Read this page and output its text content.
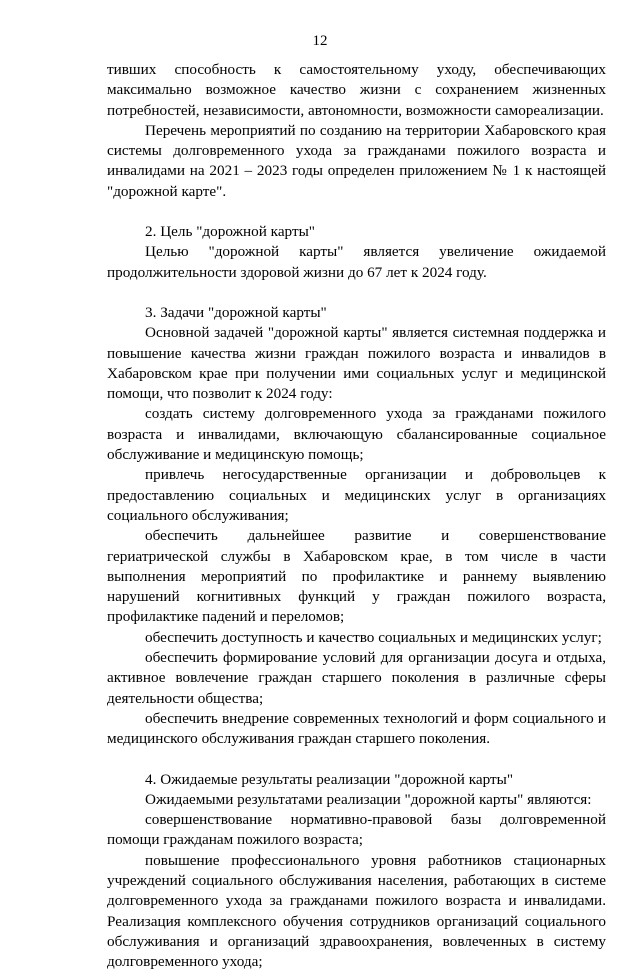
12

тивших способность к самостоятельному уходу, обеспечивающих максимально возможное качество жизни с сохранением жизненных потребностей, независимости, автономности, возможности самореализации.

Перечень мероприятий по созданию на территории Хабаровского края системы долговременного ухода за гражданами пожилого возраста и инвалидами на 2021 – 2023 годы определен приложением № 1 к настоящей "дорожной карте".

2. Цель "дорожной карты"

Целью "дорожной карты" является увеличение ожидаемой продолжительности здоровой жизни до 67 лет к 2024 году.

3. Задачи "дорожной карты"

Основной задачей "дорожной карты" является системная поддержка и повышение качества жизни граждан пожилого возраста и инвалидов в Хабаровском крае при получении ими социальных услуг и медицинской помощи, что позволит к 2024 году:

создать систему долговременного ухода за гражданами пожилого возраста и инвалидами, включающую сбалансированные социальное обслуживание и медицинскую помощь;

привлечь негосударственные организации и добровольцев к предоставлению социальных и медицинских услуг в организациях социального обслуживания;

обеспечить дальнейшее развитие и совершенствование гериатрической службы в Хабаровском крае, в том числе в части выполнения мероприятий по профилактике и раннему выявлению нарушений когнитивных функций у граждан пожилого возраста, профилактике падений и переломов;

обеспечить доступность и качество социальных и медицинских услуг;

обеспечить формирование условий для организации досуга и отдыха, активное вовлечение граждан старшего поколения в различные сферы деятельности общества;

обеспечить внедрение современных технологий и форм социального и медицинского обслуживания граждан старшего поколения.

4. Ожидаемые результаты реализации "дорожной карты"

Ожидаемыми результатами реализации "дорожной карты" являются:

совершенствование нормативно-правовой базы долговременной помощи гражданам пожилого возраста;

повышение профессионального уровня работников стационарных учреждений социального обслуживания населения, работающих в системе долговременного ухода за гражданами пожилого возраста и инвалидами. Реализация комплексного обучения сотрудников организаций социального обслуживания и организаций здравоохранения, вовлеченных в систему долговременного ухода;
